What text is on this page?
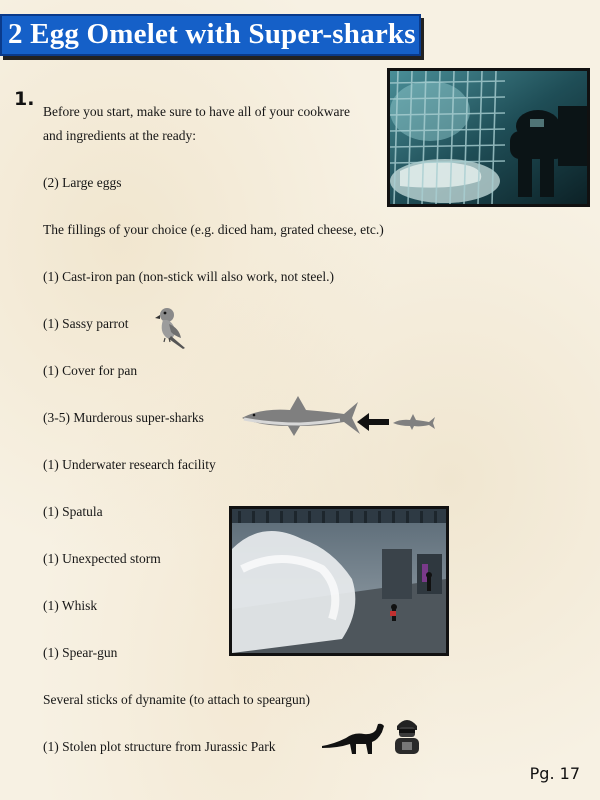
2 Egg Omelet with Super-sharks
1.
Before you start, make sure to have all of your cookware
and ingredients at the ready:
(2) Large eggs
The fillings of your choice (e.g. diced ham, grated cheese, etc.)
(1) Cast-iron pan (non-stick will also work, not steel.)
(1) Sassy parrot
(1) Cover for pan
(3-5) Murderous super-sharks
(1) Underwater research facility
(1) Spatula
(1) Unexpected storm
(1) Whisk
(1) Spear-gun
Several sticks of dynamite (to attach to speargun)
(1) Stolen plot structure from Jurassic Park
Pg. 17
